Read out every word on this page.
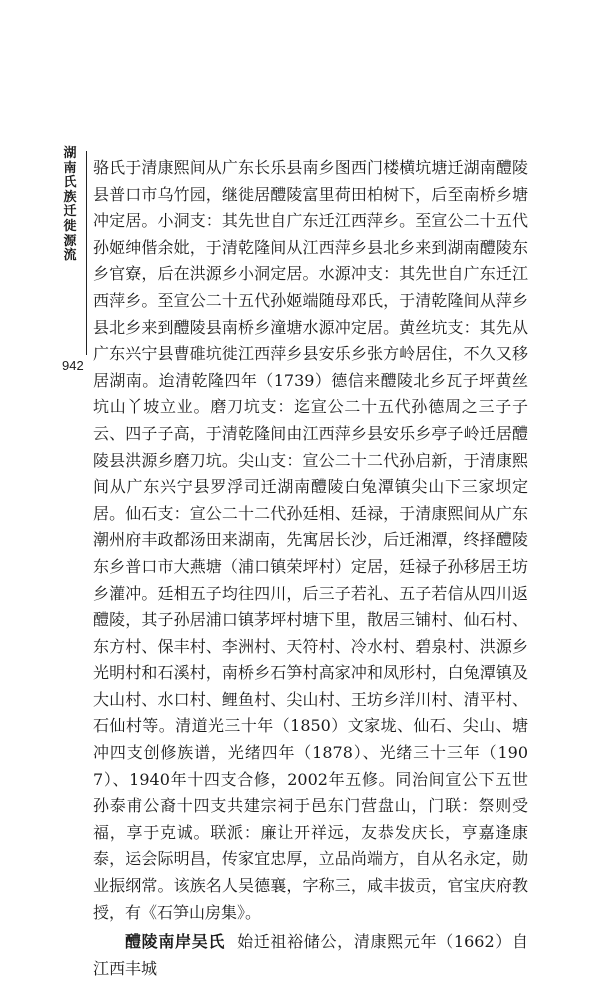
湖南氏族迁徙源流
942

骆氏于清康熙间从广东长乐县南乡图西门楼横坑塘迁湖南醴陵县普口市乌竹园，继徙居醴陵富里荷田柏树下，后至南桥乡塘冲定居。小洞支：其先世自广东迁江西萍乡。至宣公二十五代孙姬绅偕余妣，于清乾隆间从江西萍乡县北乡来到湖南醴陵东乡官寮，后在洪源乡小洞定居。水源冲支：其先世自广东迁江西萍乡。至宣公二十五代孙姬端随母邓氏，于清乾隆间从萍乡县北乡来到醴陵县南桥乡潼塘水源冲定居。黄丝坑支：其先从广东兴宁县曹碓坑徙江西萍乡县安乐乡张方岭居住，不久又移居湖南。迨清乾隆四年（1739）德信来醴陵北乡瓦子坪黄丝坑山丫坡立业。磨刀坑支：迄宣公二十五代孙德周之三子子云、四子子高，于清乾隆间由江西萍乡县安乐乡亭子岭迁居醴陵县洪源乡磨刀坑。尖山支：宣公二十二代孙启新，于清康熙间从广东兴宁县罗浮司迁湖南醴陵白兔潭镇尖山下三家坝定居。仙石支：宣公二十二代孙廷相、廷禄，于清康熙间从广东潮州府丰政都汤田来湖南，先寓居长沙，后迁湘潭，终择醴陵东乡普口市大燕塘（浦口镇荣坪村）定居，廷禄子孙移居王坊乡灌冲。廷相五子均往四川，后三子若礼、五子若信从四川返醴陵，其子孙居浦口镇茅坪村塘下里，散居三铺村、仙石村、东方村、保丰村、李洲村、天符村、冷水村、碧泉村、洪源乡光明村和石溪村，南桥乡石笋村高家冲和凤形村，白兔潭镇及大山村、水口村、鲤鱼村、尖山村、王坊乡洋川村、清平村、石仙村等。清道光三十年（1850）文家垅、仙石、尖山、塘冲四支创修族谱，光绪四年（1878）、光绪三十三年（1907）、1940年十四支合修，2002年五修。同治间宣公下五世孙泰甫公裔十四支共建宗祠于邑东门营盘山，门联：祭则受福，享于克诚。联派：廉让开祥远，友恭发庆长，亨嘉逢康泰，运会际明昌，传家宜忠厚，立品尚端方，自从名永定，勋业振纲常。该族名人吴德襄，字称三，咸丰拔贡，官宝庆府教授，有《石笋山房集》。

醴陵南岸吴氏 始迁祖裕储公，清康熙元年（1662）自江西丰城
